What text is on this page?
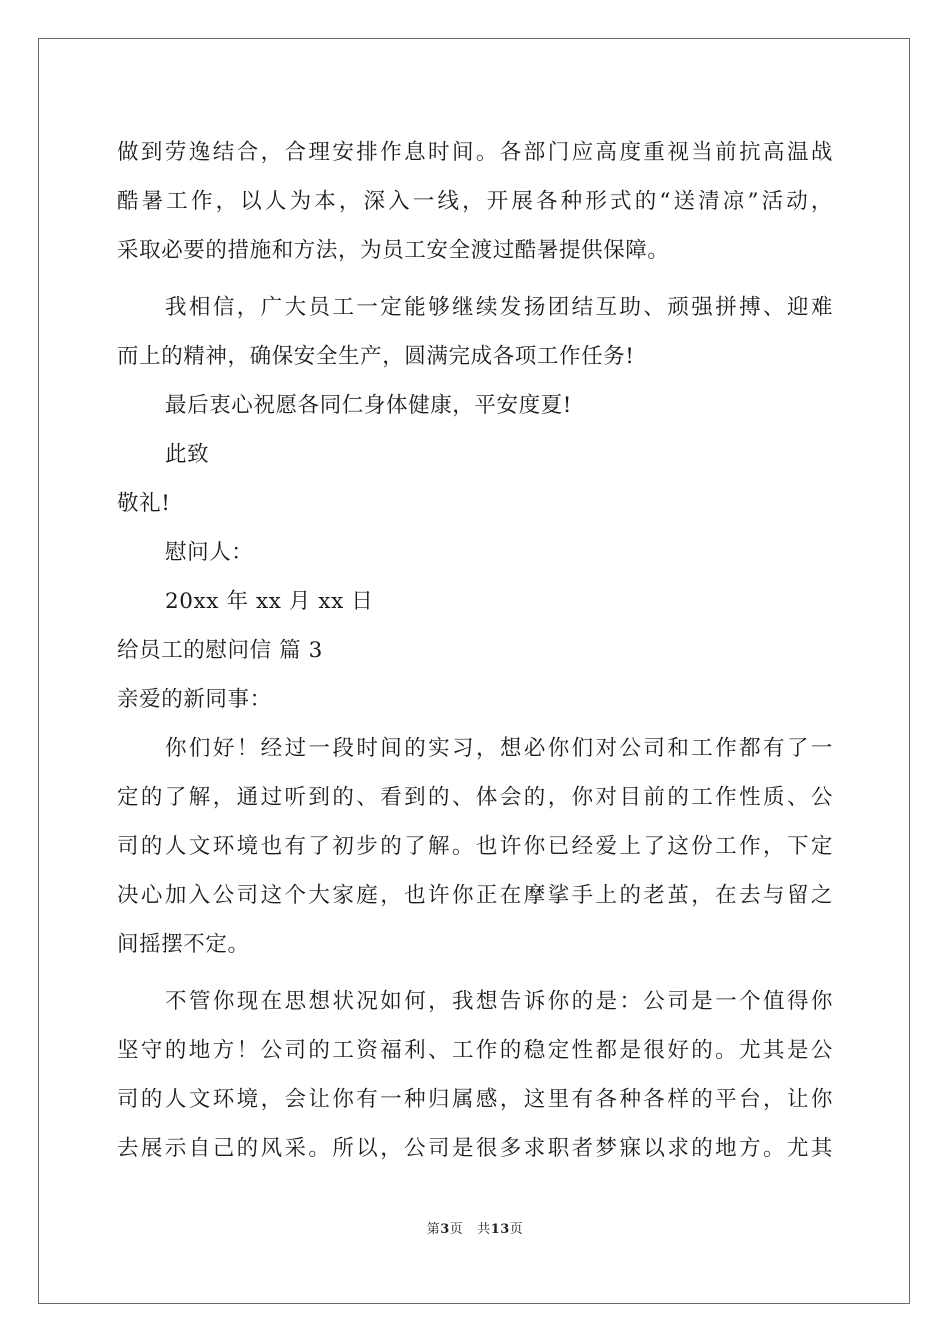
做到劳逸结合，合理安排作息时间。各部门应高度重视当前抗高温战
酷暑工作，以人为本，深入一线，开展各种形式的“送清凉”活动，
采取必要的措施和方法，为员工安全渡过酷暑提供保障。
我相信，广大员工一定能够继续发扬团结互助、顽强拼搏、迎难
而上的精神，确保安全生产，圆满完成各项工作任务!
最后衷心祝愿各同仁身体健康，平安度夏!
此致
敬礼!
慰问人：
20xx 年 xx 月 xx 日
给员工的慰问信 篇 3
亲爱的新同事：
你们好！经过一段时间的实习，想必你们对公司和工作都有了一
定的了解，通过听到的、看到的、体会的，你对目前的工作性质、公
司的人文环境也有了初步的了解。也许你已经爱上了这份工作，下定
决心加入公司这个大家庭，也许你正在摩挲手上的老茧，在去与留之
间摇摆不定。
不管你现在思想状况如何，我想告诉你的是：公司是一个值得你
坚守的地方！公司的工资福利、工作的稳定性都是很好的。尤其是公
司的人文环境，会让你有一种归属感，这里有各种各样的平台，让你
去展示自己的风采。所以，公司是很多求职者梦寐以求的地方。尤其
第3页 共13页
